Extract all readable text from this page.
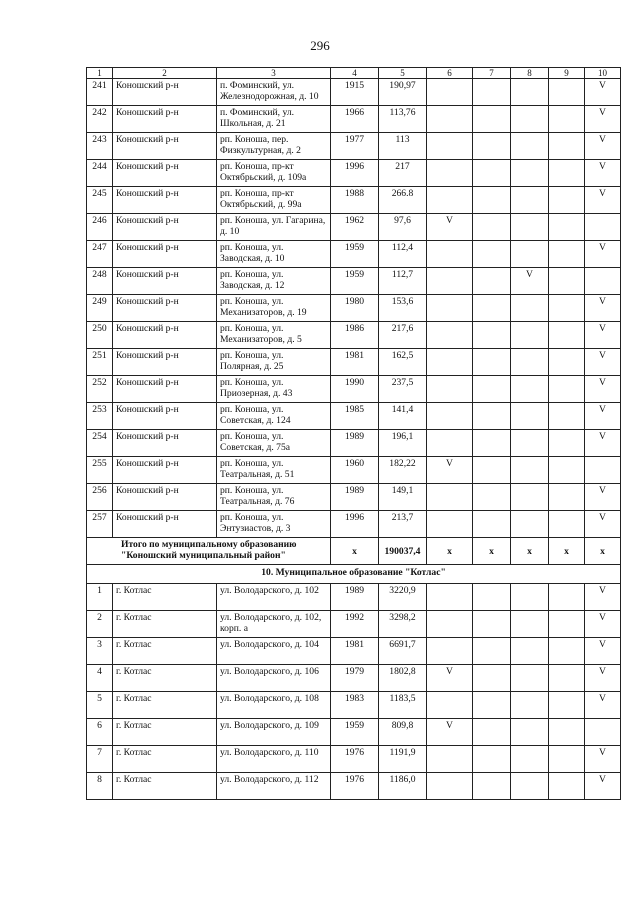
296
1	2	3	4	5	6	7	8	9	10
241	Коношский р-н	п. Фоминский, ул. Железнодорожная, д. 10	1915	190,97					V
242	Коношский р-н	п. Фоминский, ул. Школьная, д. 21	1966	113,76					V
243	Коношский р-н	рп. Коноша, пер. Физкультурная, д. 2	1977	113					V
244	Коношский р-н	рп. Коноша, пр-кт Октябрьский, д. 109а	1996	217					V
245	Коношский р-н	рп. Коноша, пр-кт Октябрьский, д. 99а	1988	266.8					V
246	Коношский р-н	рп. Коноша, ул. Гагарина, д. 10	1962	97,6	V				
247	Коношский р-н	рп. Коноша, ул. Заводская, д. 10	1959	112,4					V
248	Коношский р-н	рп. Коноша, ул. Заводская, д. 12	1959	112,7			V		
249	Коношский р-н	рп. Коноша, ул. Механизаторов, д. 19	1980	153,6					V
250	Коношский р-н	рп. Коноша, ул. Механизаторов, д. 5	1986	217,6					V
251	Коношский р-н	рп. Коноша, ул. Полярная, д. 25	1981	162,5					V
252	Коношский р-н	рп. Коноша, ул. Приозерная, д. 43	1990	237,5					V
253	Коношский р-н	рп. Коноша, ул. Советская, д. 124	1985	141,4					V
254	Коношский р-н	рп. Коноша, ул. Советская, д. 75а	1989	196,1					V
255	Коношский р-н	рп. Коноша, ул. Театральная, д. 51	1960	182,22	V				
256	Коношский р-н	рп. Коноша, ул. Театральная, д. 76	1989	149,1					V
257	Коношский р-н	рп. Коноша, ул. Энтузиастов, д. 3	1996	213,7					V
Итого по муниципальному образованию "Коношский муниципальный район"			х	190037,4	х	х	х	х	х
10. Муниципальное образование "Котлас"									
1	г. Котлас	ул. Володарского, д. 102	1989	3220,9					V
2	г. Котлас	ул. Володарского, д. 102, корп. а	1992	3298,2					V
3	г. Котлас	ул. Володарского, д. 104	1981	6691,7					V
4	г. Котлас	ул. Володарского, д. 106	1979	1802,8	V				V
5	г. Котлас	ул. Володарского, д. 108	1983	1183,5					V
6	г. Котлас	ул. Володарского, д. 109	1959	809,8	V				
7	г. Котлас	ул. Володарского, д. 110	1976	1191,9					V
8	г. Котлас	ул. Володарского, д. 112	1976	1186,0					V
